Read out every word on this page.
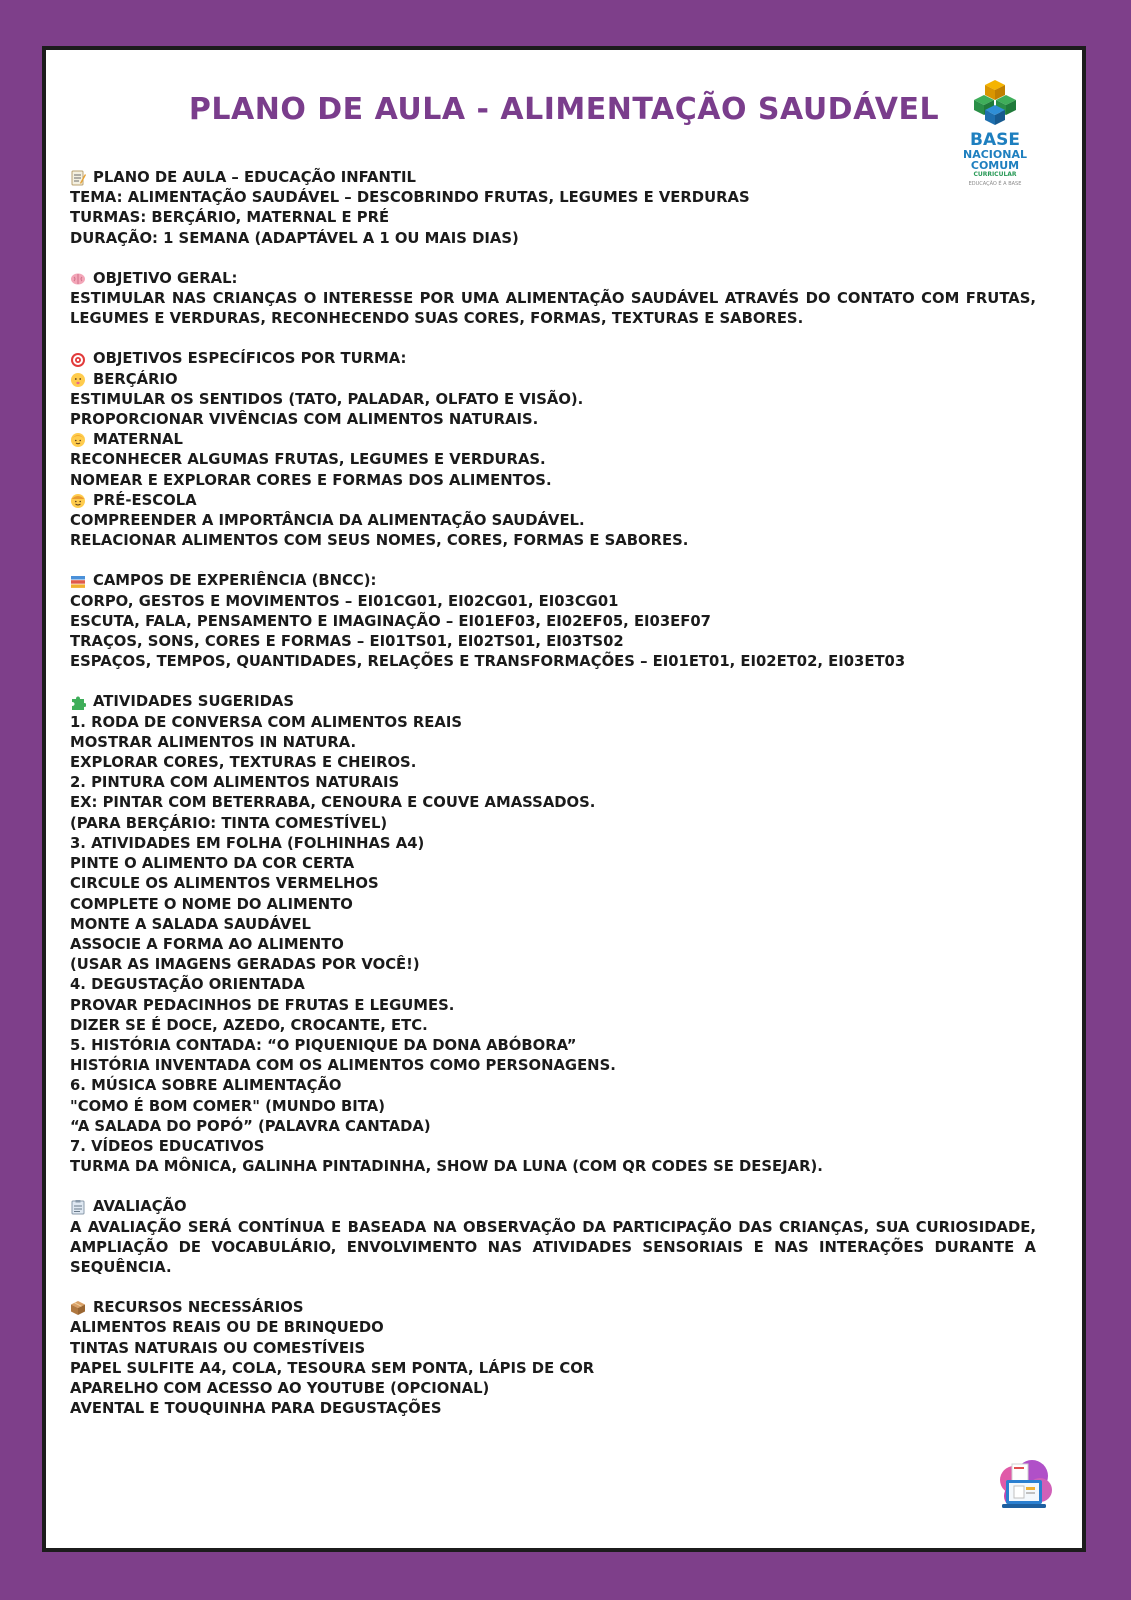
PLANO DE AULA - ALIMENTAÇÃO SAUDÁVEL
BASE
NACIONAL
COMUM
CURRICULAR
EDUCAÇÃO É A BASE
PLANO DE AULA – EDUCAÇÃO INFANTIL

TEMA: ALIMENTAÇÃO SAUDÁVEL – DESCOBRINDO FRUTAS, LEGUMES E VERDURAS

TURMAS: BERÇÁRIO, MATERNAL E PRÉ

DURAÇÃO: 1 SEMANA (ADAPTÁVEL A 1 OU MAIS DIAS)

OBJETIVO GERAL:

ESTIMULAR NAS CRIANÇAS O INTERESSE POR UMA ALIMENTAÇÃO SAUDÁVEL ATRAVÉS DO CONTATO COM FRUTAS, LEGUMES E VERDURAS, RECONHECENDO SUAS CORES, FORMAS, TEXTURAS E SABORES.

OBJETIVOS ESPECÍFICOS POR TURMA:
BERÇÁRIO

ESTIMULAR OS SENTIDOS (TATO, PALADAR, OLFATO E VISÃO).

PROPORCIONAR VIVÊNCIAS COM ALIMENTOS NATURAIS.

MATERNAL

RECONHECER ALGUMAS FRUTAS, LEGUMES E VERDURAS.

NOMEAR E EXPLORAR CORES E FORMAS DOS ALIMENTOS.

PRÉ-ESCOLA

COMPREENDER A IMPORTÂNCIA DA ALIMENTAÇÃO SAUDÁVEL.

RELACIONAR ALIMENTOS COM SEUS NOMES, CORES, FORMAS E SABORES.

CAMPOS DE EXPERIÊNCIA (BNCC):

CORPO, GESTOS E MOVIMENTOS – EI01CG01, EI02CG01, EI03CG01

ESCUTA, FALA, PENSAMENTO E IMAGINAÇÃO – EI01EF03, EI02EF05, EI03EF07

TRAÇOS, SONS, CORES E FORMAS – EI01TS01, EI02TS01, EI03TS02

ESPAÇOS, TEMPOS, QUANTIDADES, RELAÇÕES E TRANSFORMAÇÕES – EI01ET01, EI02ET02, EI03ET03

ATIVIDADES SUGERIDAS

1. RODA DE CONVERSA COM ALIMENTOS REAIS

MOSTRAR ALIMENTOS IN NATURA.

EXPLORAR CORES, TEXTURAS E CHEIROS.

2. PINTURA COM ALIMENTOS NATURAIS

EX: PINTAR COM BETERRABA, CENOURA E COUVE AMASSADOS.

(PARA BERÇÁRIO: TINTA COMESTÍVEL)

3. ATIVIDADES EM FOLHA (FOLHINHAS A4)

PINTE O ALIMENTO DA COR CERTA

CIRCULE OS ALIMENTOS VERMELHOS

COMPLETE O NOME DO ALIMENTO

MONTE A SALADA SAUDÁVEL

ASSOCIE A FORMA AO ALIMENTO

(USAR AS IMAGENS GERADAS POR VOCÊ!)

4. DEGUSTAÇÃO ORIENTADA

PROVAR PEDACINHOS DE FRUTAS E LEGUMES.

DIZER SE É DOCE, AZEDO, CROCANTE, ETC.

5. HISTÓRIA CONTADA: “O PIQUENIQUE DA DONA ABÓBORA”

HISTÓRIA INVENTADA COM OS ALIMENTOS COMO PERSONAGENS.

6. MÚSICA SOBRE ALIMENTAÇÃO

"COMO É BOM COMER" (MUNDO BITA)

“A SALADA DO POPÓ” (PALAVRA CANTADA)

7. VÍDEOS EDUCATIVOS

TURMA DA MÔNICA, GALINHA PINTADINHA, SHOW DA LUNA (COM QR CODES SE DESEJAR).

AVALIAÇÃO

A AVALIAÇÃO SERÁ CONTÍNUA E BASEADA NA OBSERVAÇÃO DA PARTICIPAÇÃO DAS CRIANÇAS, SUA CURIOSIDADE, AMPLIAÇÃO DE VOCABULÁRIO, ENVOLVIMENTO NAS ATIVIDADES SENSORIAIS E NAS INTERAÇÕES DURANTE A SEQUÊNCIA.

RECURSOS NECESSÁRIOS

ALIMENTOS REAIS OU DE BRINQUEDO

TINTAS NATURAIS OU COMESTÍVEIS

PAPEL SULFITE A4, COLA, TESOURA SEM PONTA, LÁPIS DE COR

APARELHO COM ACESSO AO YOUTUBE (OPCIONAL)

AVENTAL E TOUQUINHA PARA DEGUSTAÇÕES
